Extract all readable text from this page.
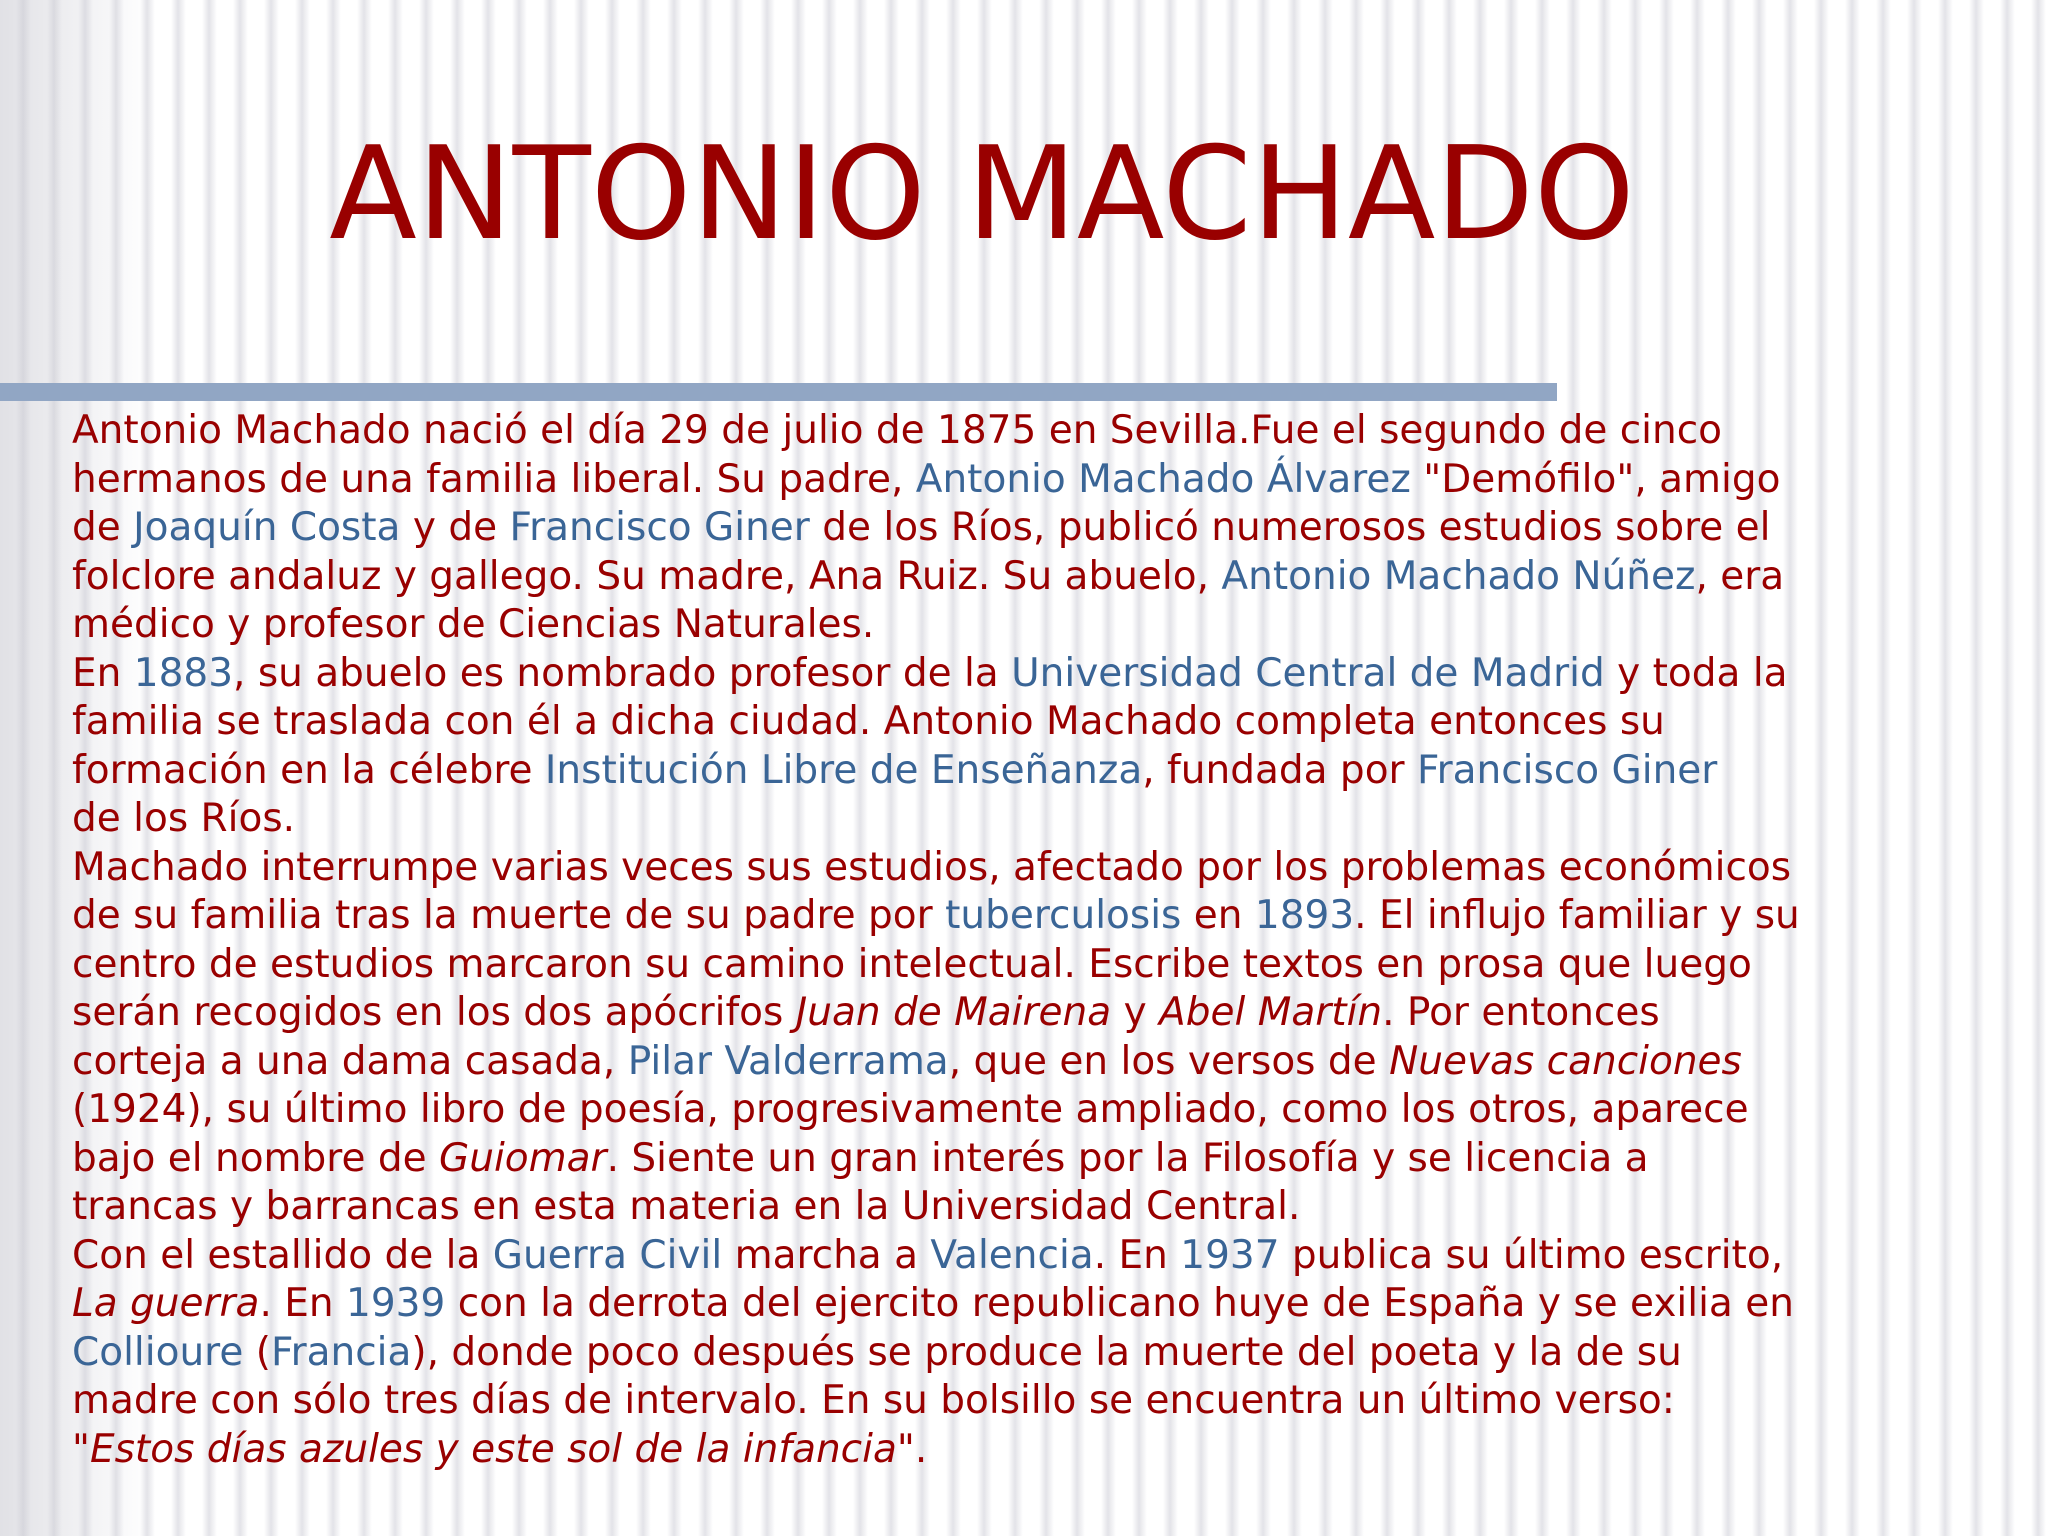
ANTONIO MACHADO
Antonio Machado nació el día 29 de julio de 1875 en Sevilla.Fue el segundo de cinco
hermanos de una familia liberal. Su padre, Antonio Machado Álvarez "Demófilo", amigo
de Joaquín Costa y de Francisco Giner de los Ríos, publicó numerosos estudios sobre el
folclore andaluz y gallego. Su madre, Ana Ruiz. Su abuelo, Antonio Machado Núñez, era
médico y profesor de Ciencias Naturales.
En 1883, su abuelo es nombrado profesor de la Universidad Central de Madrid y toda la
familia se traslada con él a dicha ciudad. Antonio Machado completa entonces su
formación en la célebre Institución Libre de Enseñanza, fundada por Francisco Giner
de los Ríos.
Machado interrumpe varias veces sus estudios, afectado por los problemas económicos
de su familia tras la muerte de su padre por tuberculosis en 1893. El influjo familiar y su
centro de estudios marcaron su camino intelectual. Escribe textos en prosa que luego
serán recogidos en los dos apócrifos Juan de Mairena y Abel Martín. Por entonces
corteja a una dama casada, Pilar Valderrama, que en los versos de Nuevas canciones
(1924), su último libro de poesía, progresivamente ampliado, como los otros, aparece
bajo el nombre de Guiomar. Siente un gran interés por la Filosofía y se licencia a
trancas y barrancas en esta materia en la Universidad Central.
Con el estallido de la Guerra Civil marcha a Valencia. En 1937 publica su último escrito,
La guerra. En 1939 con la derrota del ejercito republicano huye de España y se exilia en
Collioure (Francia), donde poco después se produce la muerte del poeta y la de su
madre con sólo tres días de intervalo. En su bolsillo se encuentra un último verso:
"Estos días azules y este sol de la infancia".
